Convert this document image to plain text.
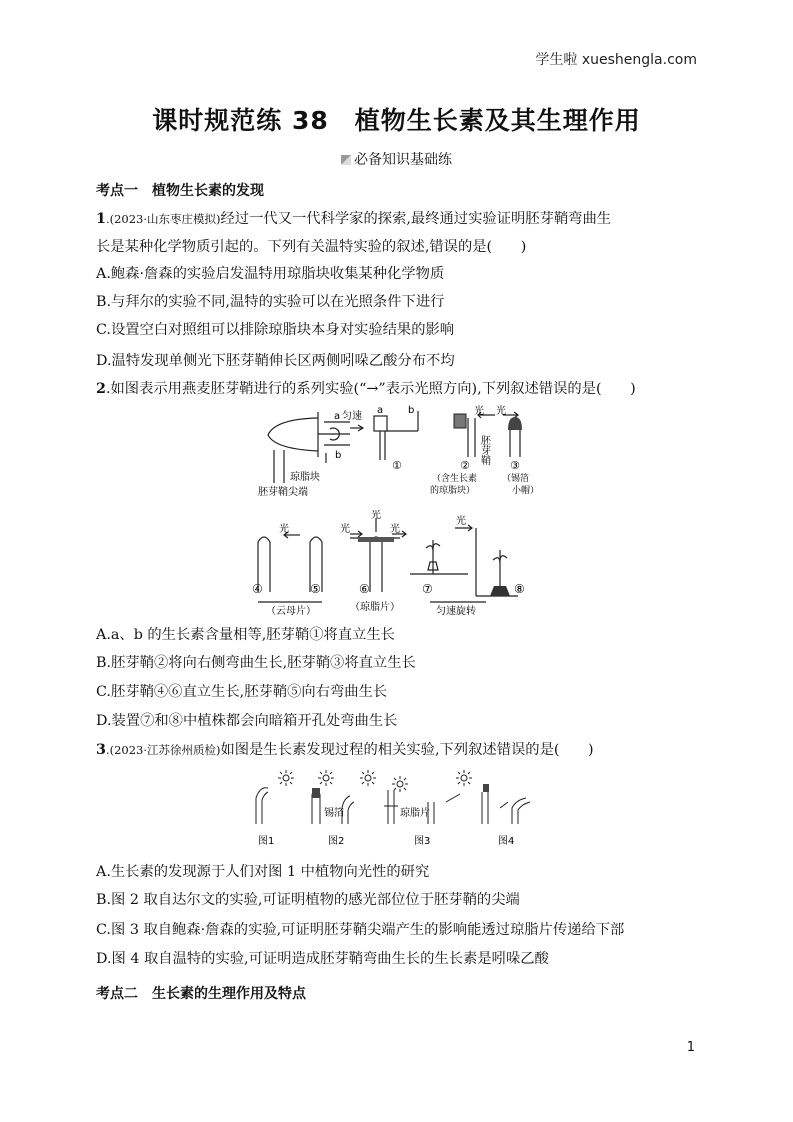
学生啦 xueshengla.com
课时规范练 38　植物生长素及其生理作用
必备知识基础练
考点一　植物生长素的发现
1.(2023·山东枣庄模拟)经过一代又一代科学家的探索,最终通过实验证明胚芽鞘弯曲生
长是某种化学物质引起的。下列有关温特实验的叙述,错误的是(　　)
A.鲍森·詹森的实验启发温特用琼脂块收集某种化学物质
B.与拜尔的实验不同,温特的实验可以在光照条件下进行
C.设置空白对照组可以排除琼脂块本身对实验结果的影响
D.温特发现单侧光下胚芽鞘伸长区两侧吲哚乙酸分布不均
2.如图表示用燕麦胚芽鞘进行的系列实验(“→”表示光照方向),下列叙述错误的是(　　)
a 匀速
b
a b
①
琼脂块
胚芽鞘尖端
光 光
胚芽鞘
②	③
（含生长素
的琼脂块）
（锡箔
小帽）
光	光
光
光
光
④	⑤	⑥	⑦	⑧
（云母片）	（琼脂片）	匀速旋转
A.a、b 的生长素含量相等,胚芽鞘①将直立生长
B.胚芽鞘②将向右侧弯曲生长,胚芽鞘③将直立生长
C.胚芽鞘④⑥直立生长,胚芽鞘⑤向右弯曲生长
D.装置⑦和⑧中植株都会向暗箱开孔处弯曲生长
3.(2023·江苏徐州质检)如图是生长素发现过程的相关实验,下列叙述错误的是(　　)
锡箔	琼脂片
图1	图2	图3	图4
A.生长素的发现源于人们对图 1 中植物向光性的研究
B.图 2 取自达尔文的实验,可证明植物的感光部位位于胚芽鞘的尖端
C.图 3 取自鲍森·詹森的实验,可证明胚芽鞘尖端产生的影响能透过琼脂片传递给下部
D.图 4 取自温特的实验,可证明造成胚芽鞘弯曲生长的生长素是吲哚乙酸
考点二　生长素的生理作用及特点
1
